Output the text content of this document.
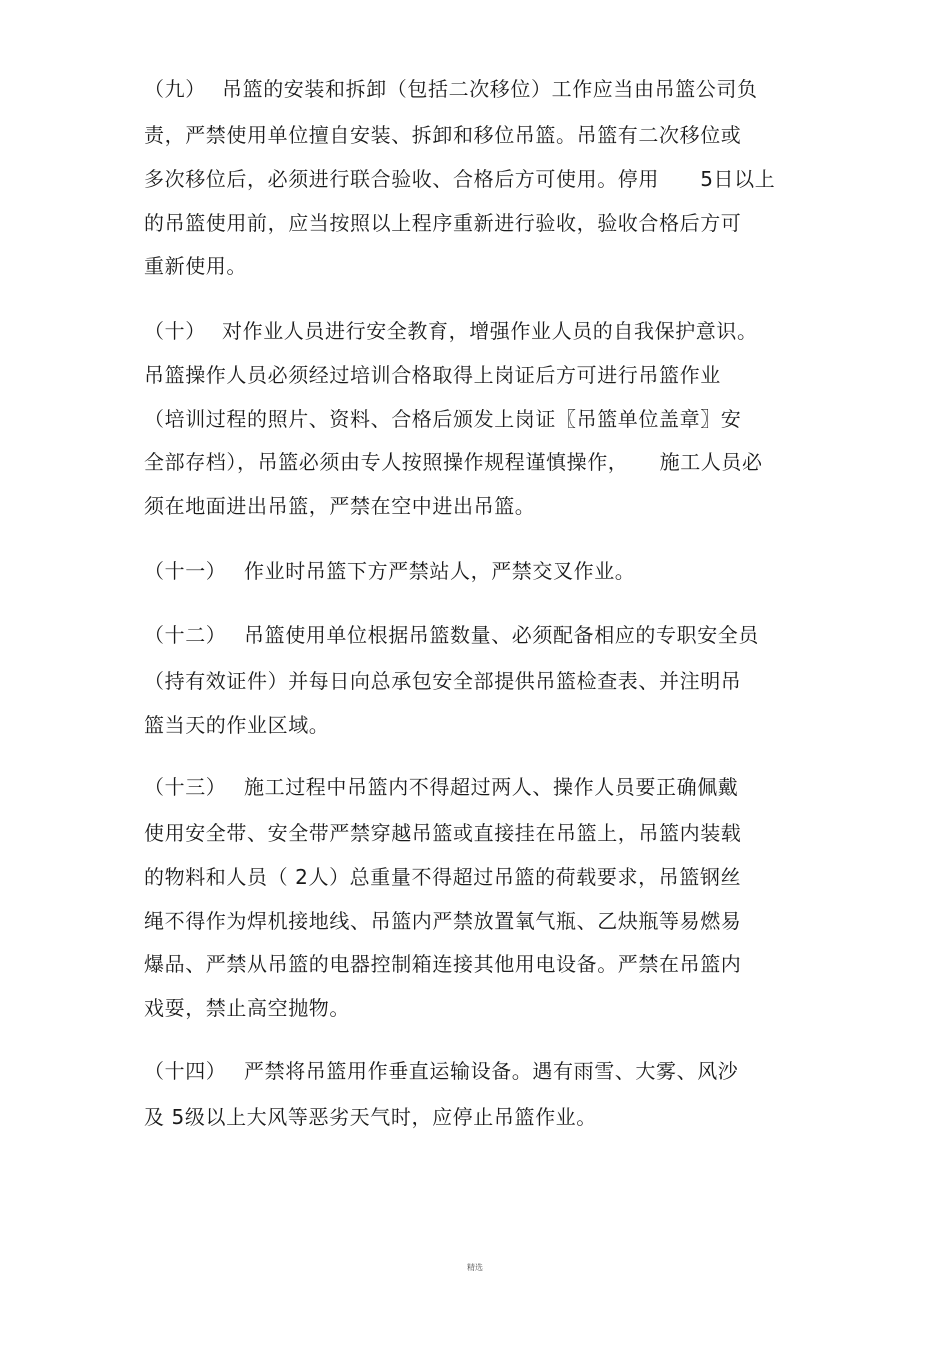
（九） 吊篮的安装和拆卸（包括二次移位）工作应当由吊篮公司负
责，严禁使用单位擅自安装、拆卸和移位吊篮。吊篮有二次移位或
多次移位后，必须进行联合验收、合格后方可使用。停用　　5日以上
的吊篮使用前，应当按照以上程序重新进行验收，验收合格后方可
重新使用。
（十） 对作业人员进行安全教育，增强作业人员的自我保护意识。
吊篮操作人员必须经过培训合格取得上岗证后方可进行吊篮作业
（培训过程的照片、资料、合格后颁发上岗证〖吊篮单位盖章〗安
全部存档），吊篮必须由专人按照操作规程谨慎操作，　　施工人员必
须在地面进出吊篮，严禁在空中进出吊篮。
（十一） 作业时吊篮下方严禁站人，严禁交叉作业。
（十二） 吊篮使用单位根据吊篮数量、必须配备相应的专职安全员
（持有效证件）并每日向总承包安全部提供吊篮检查表、并注明吊
篮当天的作业区域。
（十三） 施工过程中吊篮内不得超过两人、操作人员要正确佩戴
使用安全带、安全带严禁穿越吊篮或直接挂在吊篮上，吊篮内装载
的物料和人员（ 2人）总重量不得超过吊篮的荷载要求，吊篮钢丝
绳不得作为焊机接地线、吊篮内严禁放置氧气瓶、乙炔瓶等易燃易
爆品、严禁从吊篮的电器控制箱连接其他用电设备。严禁在吊篮内
戏耍，禁止高空抛物。
（十四） 严禁将吊篮用作垂直运输设备。遇有雨雪、大雾、风沙
及 5级以上大风等恶劣天气时，应停止吊篮作业。
精选
